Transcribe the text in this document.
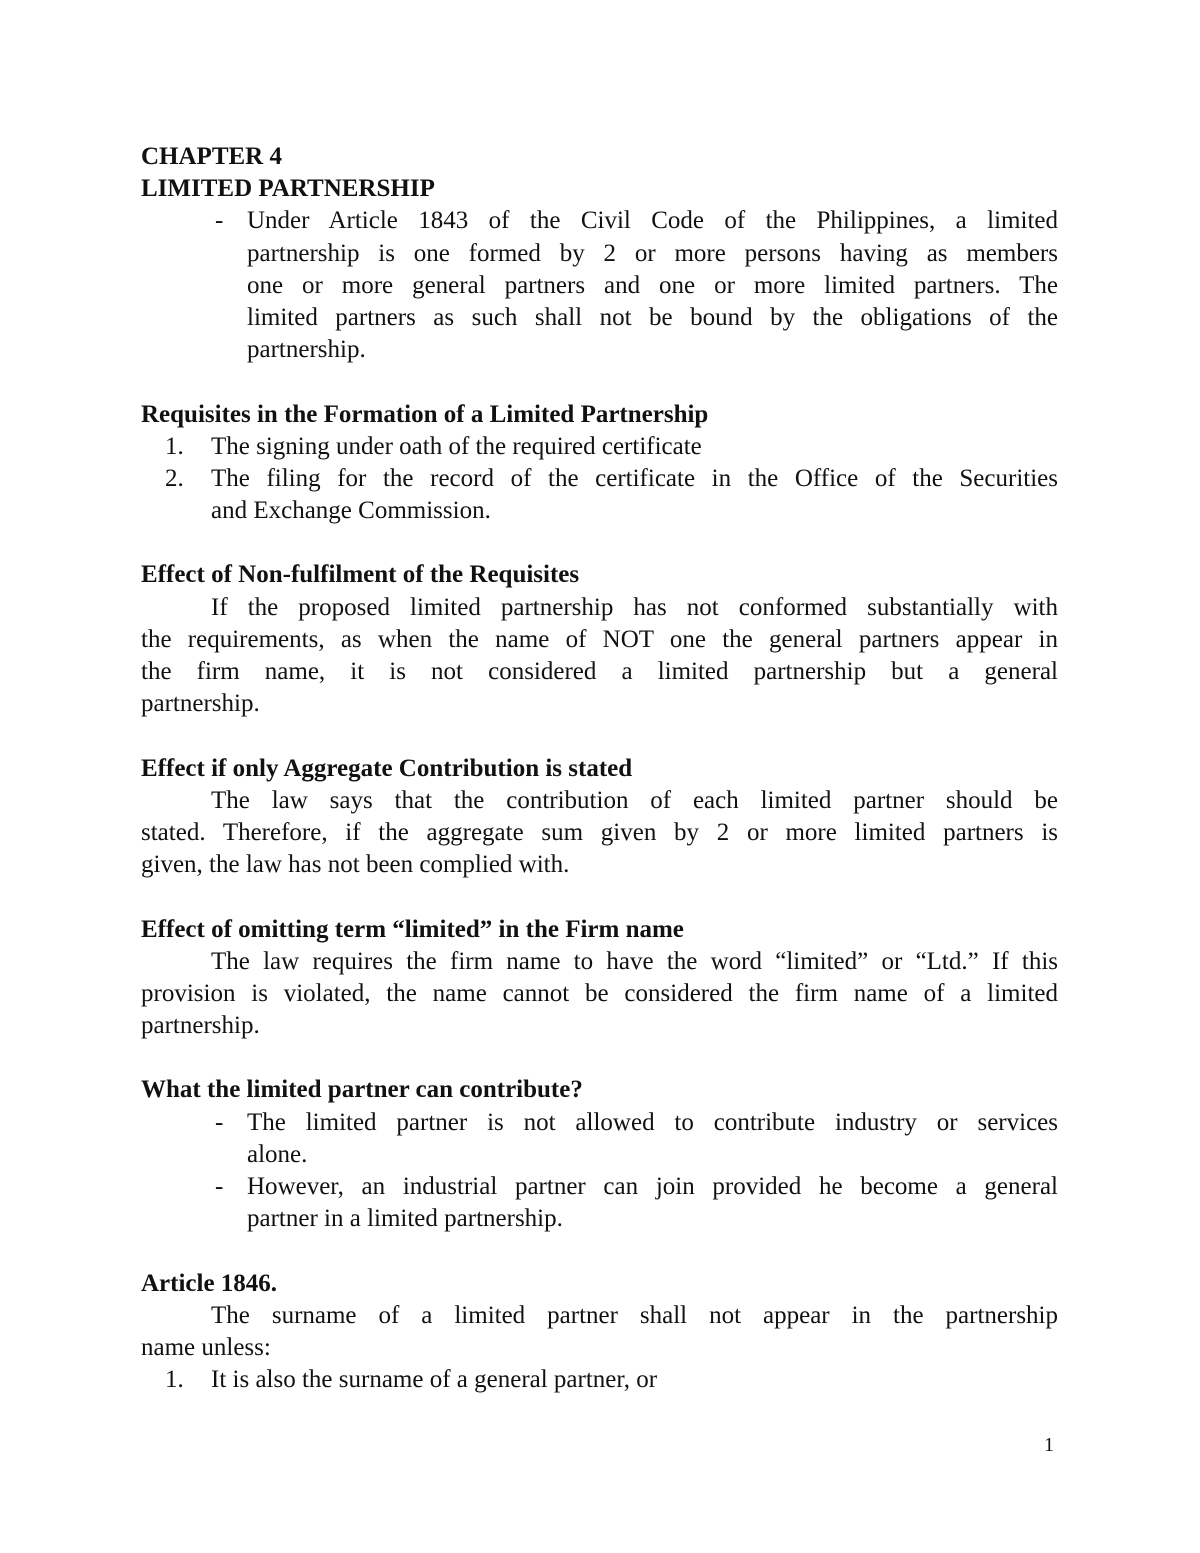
CHAPTER 4
LIMITED PARTNERSHIP
- Under Article 1843 of the Civil Code of the Philippines, a limited
partnership is one formed by 2 or more persons having as members
one or more general partners and one or more limited partners. The
limited partners as such shall not be bound by the obligations of the
partnership.
Requisites in the Formation of a Limited Partnership
1.	The signing under oath of the required certificate
2.	The filing for the record of the certificate in the Office of the Securities
and Exchange Commission.
Effect of Non-fulfilment of the Requisites
If the proposed limited partnership has not conformed substantially with
the requirements, as when the name of NOT one the general partners appear in
the firm name, it is not considered a limited partnership but a general
partnership.
Effect if only Aggregate Contribution is stated
The law says that the contribution of each limited partner should be
stated. Therefore, if the aggregate sum given by 2 or more limited partners is
given, the law has not been complied with.
Effect of omitting term “limited” in the Firm name
The law requires the firm name to have the word “limited” or “Ltd.” If this
provision is violated, the name cannot be considered the firm name of a limited
partnership.
What the limited partner can contribute?
- The limited partner is not allowed to contribute industry or services
alone.
- However, an industrial partner can join provided he become a general
partner in a limited partnership.
Article 1846.
The surname of a limited partner shall not appear in the partnership
name unless:
1.	It is also the surname of a general partner, or
1
